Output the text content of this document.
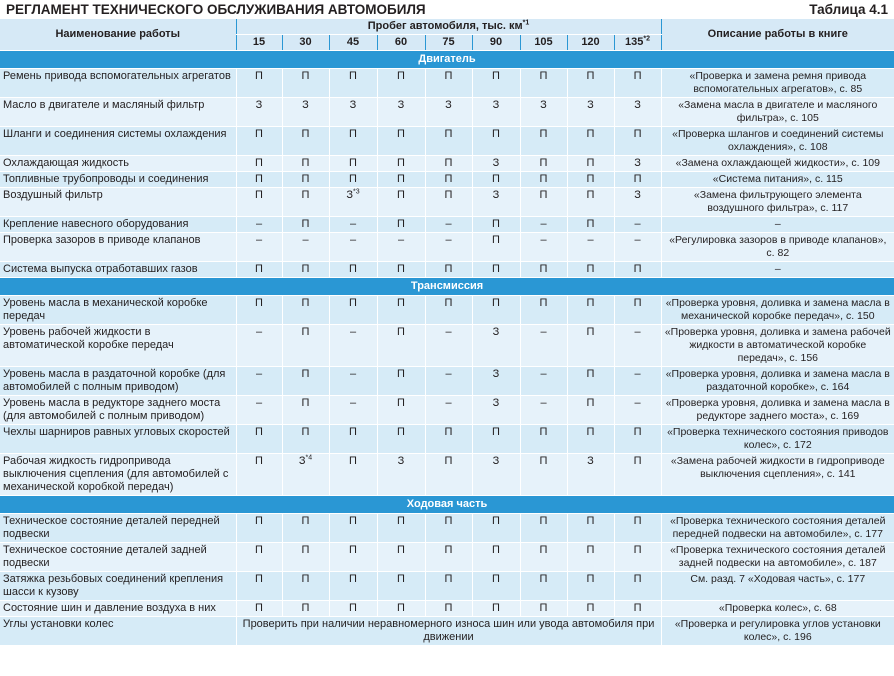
РЕГЛАМЕНТ ТЕХНИЧЕСКОГО ОБСЛУЖИВАНИЯ АВТОМОБИЛЯ	Таблица 4.1
Наименование работы	Пробег автомобиля, тыс. $км^{*1}$									Описание работы в книге
	15	30	45	60	75	90	105	120	135$^{*2}$
Двигатель										
Ремень привода вспомогательных агрегатов	П	П	П	П	П	П	П	П	П	«Проверка и замена ремня привода вспомогательных агрегатов», с. 85
Масло в двигателе и масляный фильтр	З	З	З	З	З	З	З	З	З	«Замена масла в двигателе и масляного фильтра», с. 105
Шланги и соединения системы охлаждения	П	П	П	П	П	П	П	П	П	«Проверка шлангов и соединений системы охлаждения», с. 108
Охлаждающая жидкость	П	П	П	П	П	З	П	П	З	«Замена охлаждающей жидкости», с. 109
Топливные трубопроводы и соединения	П	П	П	П	П	П	П	П	П	«Система питания», с. 115
Воздушный фильтр	П	П	$З^{*3}$	П	П	З	П	П	З	«Замена фильтрующего элемента воздушного фильтра», с. 117
Крепление навесного оборудования	–	П	–	П	–	П	–	П	–	–
Проверка зазоров в приводе клапанов	–	–	–	–	–	П	–	–	–	«Регулировка зазоров в приводе клапанов», с. 82
Система выпуска отработавших газов	П	П	П	П	П	П	П	П	П	–
Трансмиссия										
Уровень масла в механической коробке передач	П	П	П	П	П	П	П	П	П	«Проверка уровня, доливка и замена масла в механической коробке передач», с. 150
Уровень рабочей жидкости в автоматической коробке передач	–	П	–	П	–	З	–	П	–	«Проверка уровня, доливка и замена рабочей жидкости в автоматической коробке передач», с. 156
Уровень масла в раздаточной коробке (для автомобилей с полным приводом)	–	П	–	П	–	З	–	П	–	«Проверка уровня, доливка и замена масла в раздаточной коробке», с. 164
Уровень масла в редукторе заднего моста (для автомобилей с полным приводом)	–	П	–	П	–	З	–	П	–	«Проверка уровня, доливка и замена масла в редукторе заднего моста», с. 169
Чехлы шарниров равных угловых скоростей	П	П	П	П	П	П	П	П	П	«Проверка технического состояния приводов колес», с. 172
Рабочая жидкость гидропривода выключения сцепления (для автомобилей с механической коробкой передач)	П	$З^{*4}$	П	З	П	З	П	З	П	«Замена рабочей жидкости в гидроприводе выключения сцепления», с. 141
Ходовая часть										
Техническое состояние деталей передней подвески	П	П	П	П	П	П	П	П	П	«Проверка технического состояния деталей передней подвески на автомобиле», с. 177
Техническое состояние деталей задней подвески	П	П	П	П	П	П	П	П	П	«Проверка технического состояния деталей задней подвески на автомобиле», с. 187
Затяжка резьбовых соединений крепления шасси к кузову	П	П	П	П	П	П	П	П	П	См. разд. 7 «Ходовая часть», с. 177
Состояние шин и давление воздуха в них	П	П	П	П	П	П	П	П	П	«Проверка колес», с. 68
Углы установки колес	Проверить при наличии неравномерного износа шин или увода автомобиля при движении									«Проверка и регулировка углов установки колес», с. 196
